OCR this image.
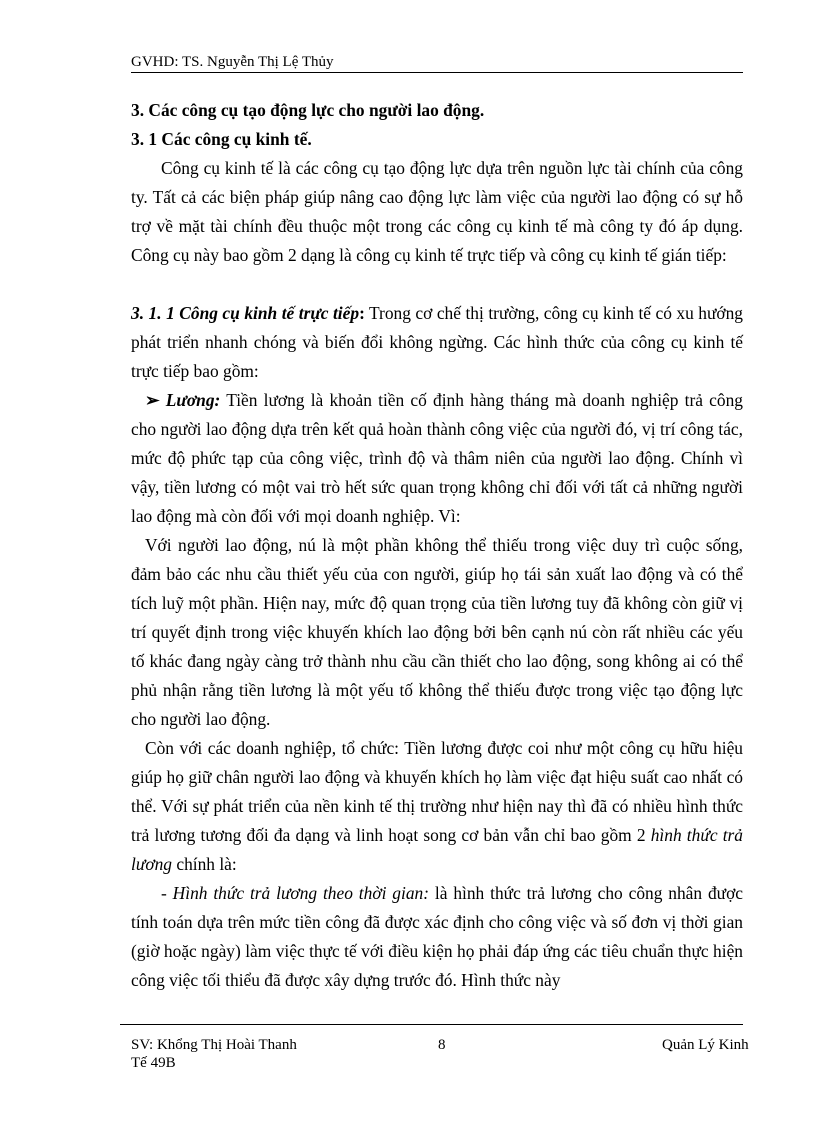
GVHD: TS. Nguyễn Thị Lệ Thủy

3. Các công cụ tạo động lực cho người lao động.

3. 1 Các công cụ kinh tế.

Công cụ kinh tế là các công cụ tạo động lực dựa trên nguồn lực tài chính của công ty. Tất cả các biện pháp giúp nâng cao động lực làm việc của người lao động có sự hỗ trợ về mặt tài chính đều thuộc một trong các công cụ kinh tế mà công ty đó áp dụng. Công cụ này bao gồm 2 dạng là công cụ kinh tế trực tiếp và công cụ kinh tế gián tiếp:

3. 1. 1 Công cụ kinh tế trực tiếp: Trong cơ chế thị trường, công cụ kinh tế có xu hướng phát triển nhanh chóng và biến đổi không ngừng. Các hình thức của công cụ kinh tế trực tiếp bao gồm:

➢ Lương: Tiền lương là khoản tiền cố định hàng tháng mà doanh nghiệp trả công cho người lao động dựa trên kết quả hoàn thành công việc của người đó, vị trí công tác, mức độ phức tạp của công việc, trình độ và thâm niên của người lao động. Chính vì vậy, tiền lương có một vai trò hết sức quan trọng không chỉ đối với tất cả những người lao động mà còn đối với mọi doanh nghiệp. Vì:

Với người lao động, nú là một phần không thể thiếu trong việc duy trì cuộc sống, đảm bảo các nhu cầu thiết yếu của con người, giúp họ tái sản xuất lao động và có thể tích luỹ một phần. Hiện nay, mức độ quan trọng của tiền lương tuy đã không còn giữ vị trí quyết định trong việc khuyến khích lao động bởi bên cạnh nú còn rất nhiều các yếu tố khác đang ngày càng trở thành nhu cầu cần thiết cho lao động, song không ai có thể phủ nhận rằng tiền lương là một yếu tố không thể thiếu được trong việc tạo động lực cho người lao động.

Còn với các doanh nghiệp, tổ chức: Tiền lương được coi như một công cụ hữu hiệu giúp họ giữ chân người lao động và khuyến khích họ làm việc đạt hiệu suất cao nhất có thể. Với sự phát triển của nền kinh tế thị trường như hiện nay thì đã có nhiều hình thức trả lương tương đối đa dạng và linh hoạt song cơ bản vẫn chỉ bao gồm 2 hình thức trả lương chính là:

- Hình thức trả lương theo thời gian: là hình thức trả lương cho công nhân được tính toán dựa trên mức tiền công đã được xác định cho công việc và số đơn vị thời gian (giờ hoặc ngày) làm việc thực tế với điều kiện họ phải đáp ứng các tiêu chuẩn thực hiện công việc tối thiểu đã được xây dựng trước đó. Hình thức này

SV: Khổng Thị Hoài Thanh
Tế 49B
8	Quản Lý Kinh
